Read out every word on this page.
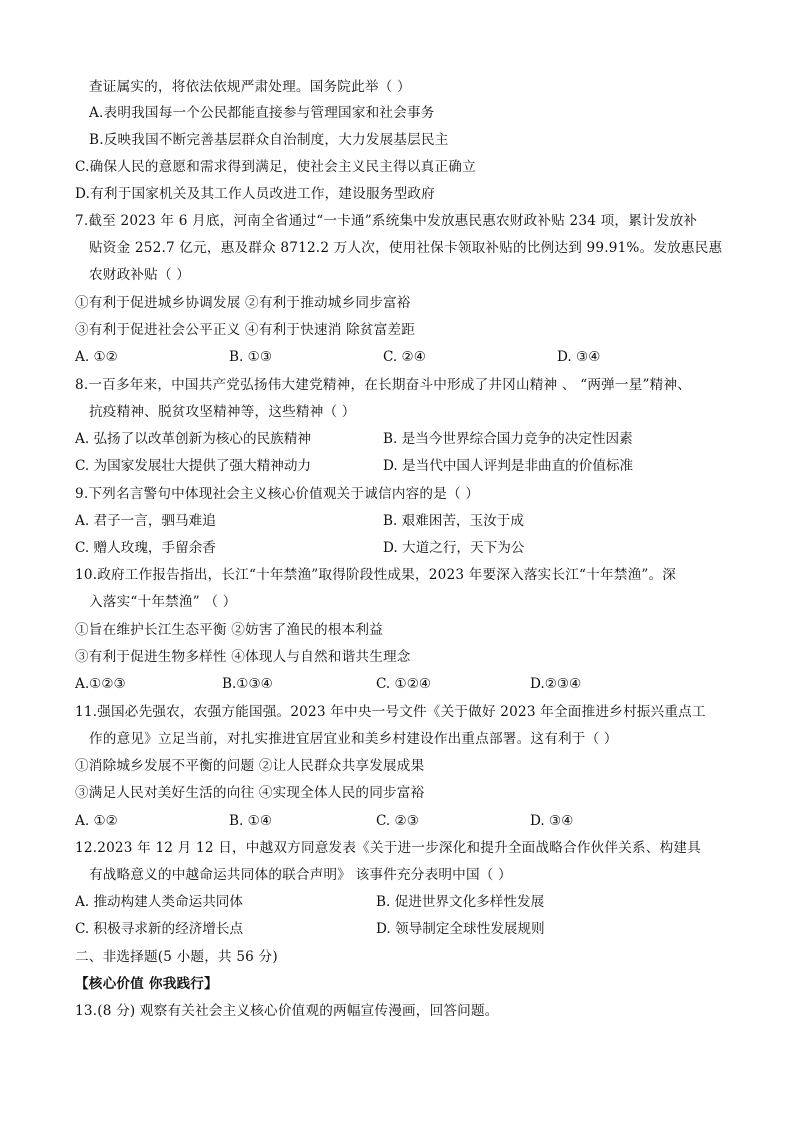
查证属实的，将依法依规严肃处理。国务院此举（ ）
A.表明我国每一个公民都能直接参与管理国家和社会事务
B.反映我国不断完善基层群众自治制度，大力发展基层民主
C.确保人民的意愿和需求得到满足，使社会主义民主得以真正确立
D.有利于国家机关及其工作人员改进工作，建设服务型政府
7.截至 2023 年 6 月底，河南全省通过“一卡通”系统集中发放惠民惠农财政补贴 234 项，累计发放补
贴资金 252.7 亿元，惠及群众 8712.2 万人次，使用社保卡领取补贴的比例达到 99.91%。发放惠民惠
农财政补贴（ ）
①有利于促进城乡协调发展 ②有利于推动城乡同步富裕
③有利于促进社会公平正义 ④有利于快速消 除贫富差距
A. ①②	B. ①③	C. ②④	D. ③④
8.一百多年来，中国共产党弘扬伟大建党精神，在长期奋斗中形成了井冈山精神 、 “两弹一星”精神、
抗疫精神、脱贫攻坚精神等，这些精神（ ）
A. 弘扬了以改革创新为核心的民族精神	B. 是当今世界综合国力竞争的决定性因素
C. 为国家发展壮大提供了强大精神动力	D. 是当代中国人评判是非曲直的价值标准
9.下列名言警句中体现社会主义核心价值观关于诚信内容的是（ ）
A. 君子一言，驷马难追	B. 艰难困苦，玉汝于成
C. 赠人玫瑰，手留余香	D. 大道之行，天下为公
10.政府工作报告指出，长江“十年禁渔”取得阶段性成果，2023 年要深入落实长江“十年禁渔”。深
入落实“十年禁渔” （ ）
①旨在维护长江生态平衡 ②妨害了渔民的根本利益
③有利于促进生物多样性 ④体现人与自然和谐共生理念
A.①②③	B.①③④	C. ①②④	D.②③④
11.强国必先强农，农强方能国强。2023 年中央一号文件《关于做好 2023 年全面推进乡村振兴重点工
作的意见》立足当前，对扎实推进宜居宜业和美乡村建设作出重点部署。这有利于（ ）
①消除城乡发展不平衡的问题 ②让人民群众共享发展成果
③满足人民对美好生活的向往 ④实现全体人民的同步富裕
A. ①②	B. ①④	C. ②③	D. ③④
12.2023 年 12 月 12 日，中越双方同意发表《关于进一步深化和提升全面战略合作伙伴关系、构建具
有战略意义的中越命运共同体的联合声明》 该事件充分表明中国（ ）
A. 推动构建人类命运共同体	B. 促进世界文化多样性发展
C. 积极寻求新的经济增长点	D. 领导制定全球性发展规则
二、非选择题(5 小题，共 56 分)
【核心价值 你我践行】
13.(8 分) 观察有关社会主义核心价值观的两幅宣传漫画，回答问题。
